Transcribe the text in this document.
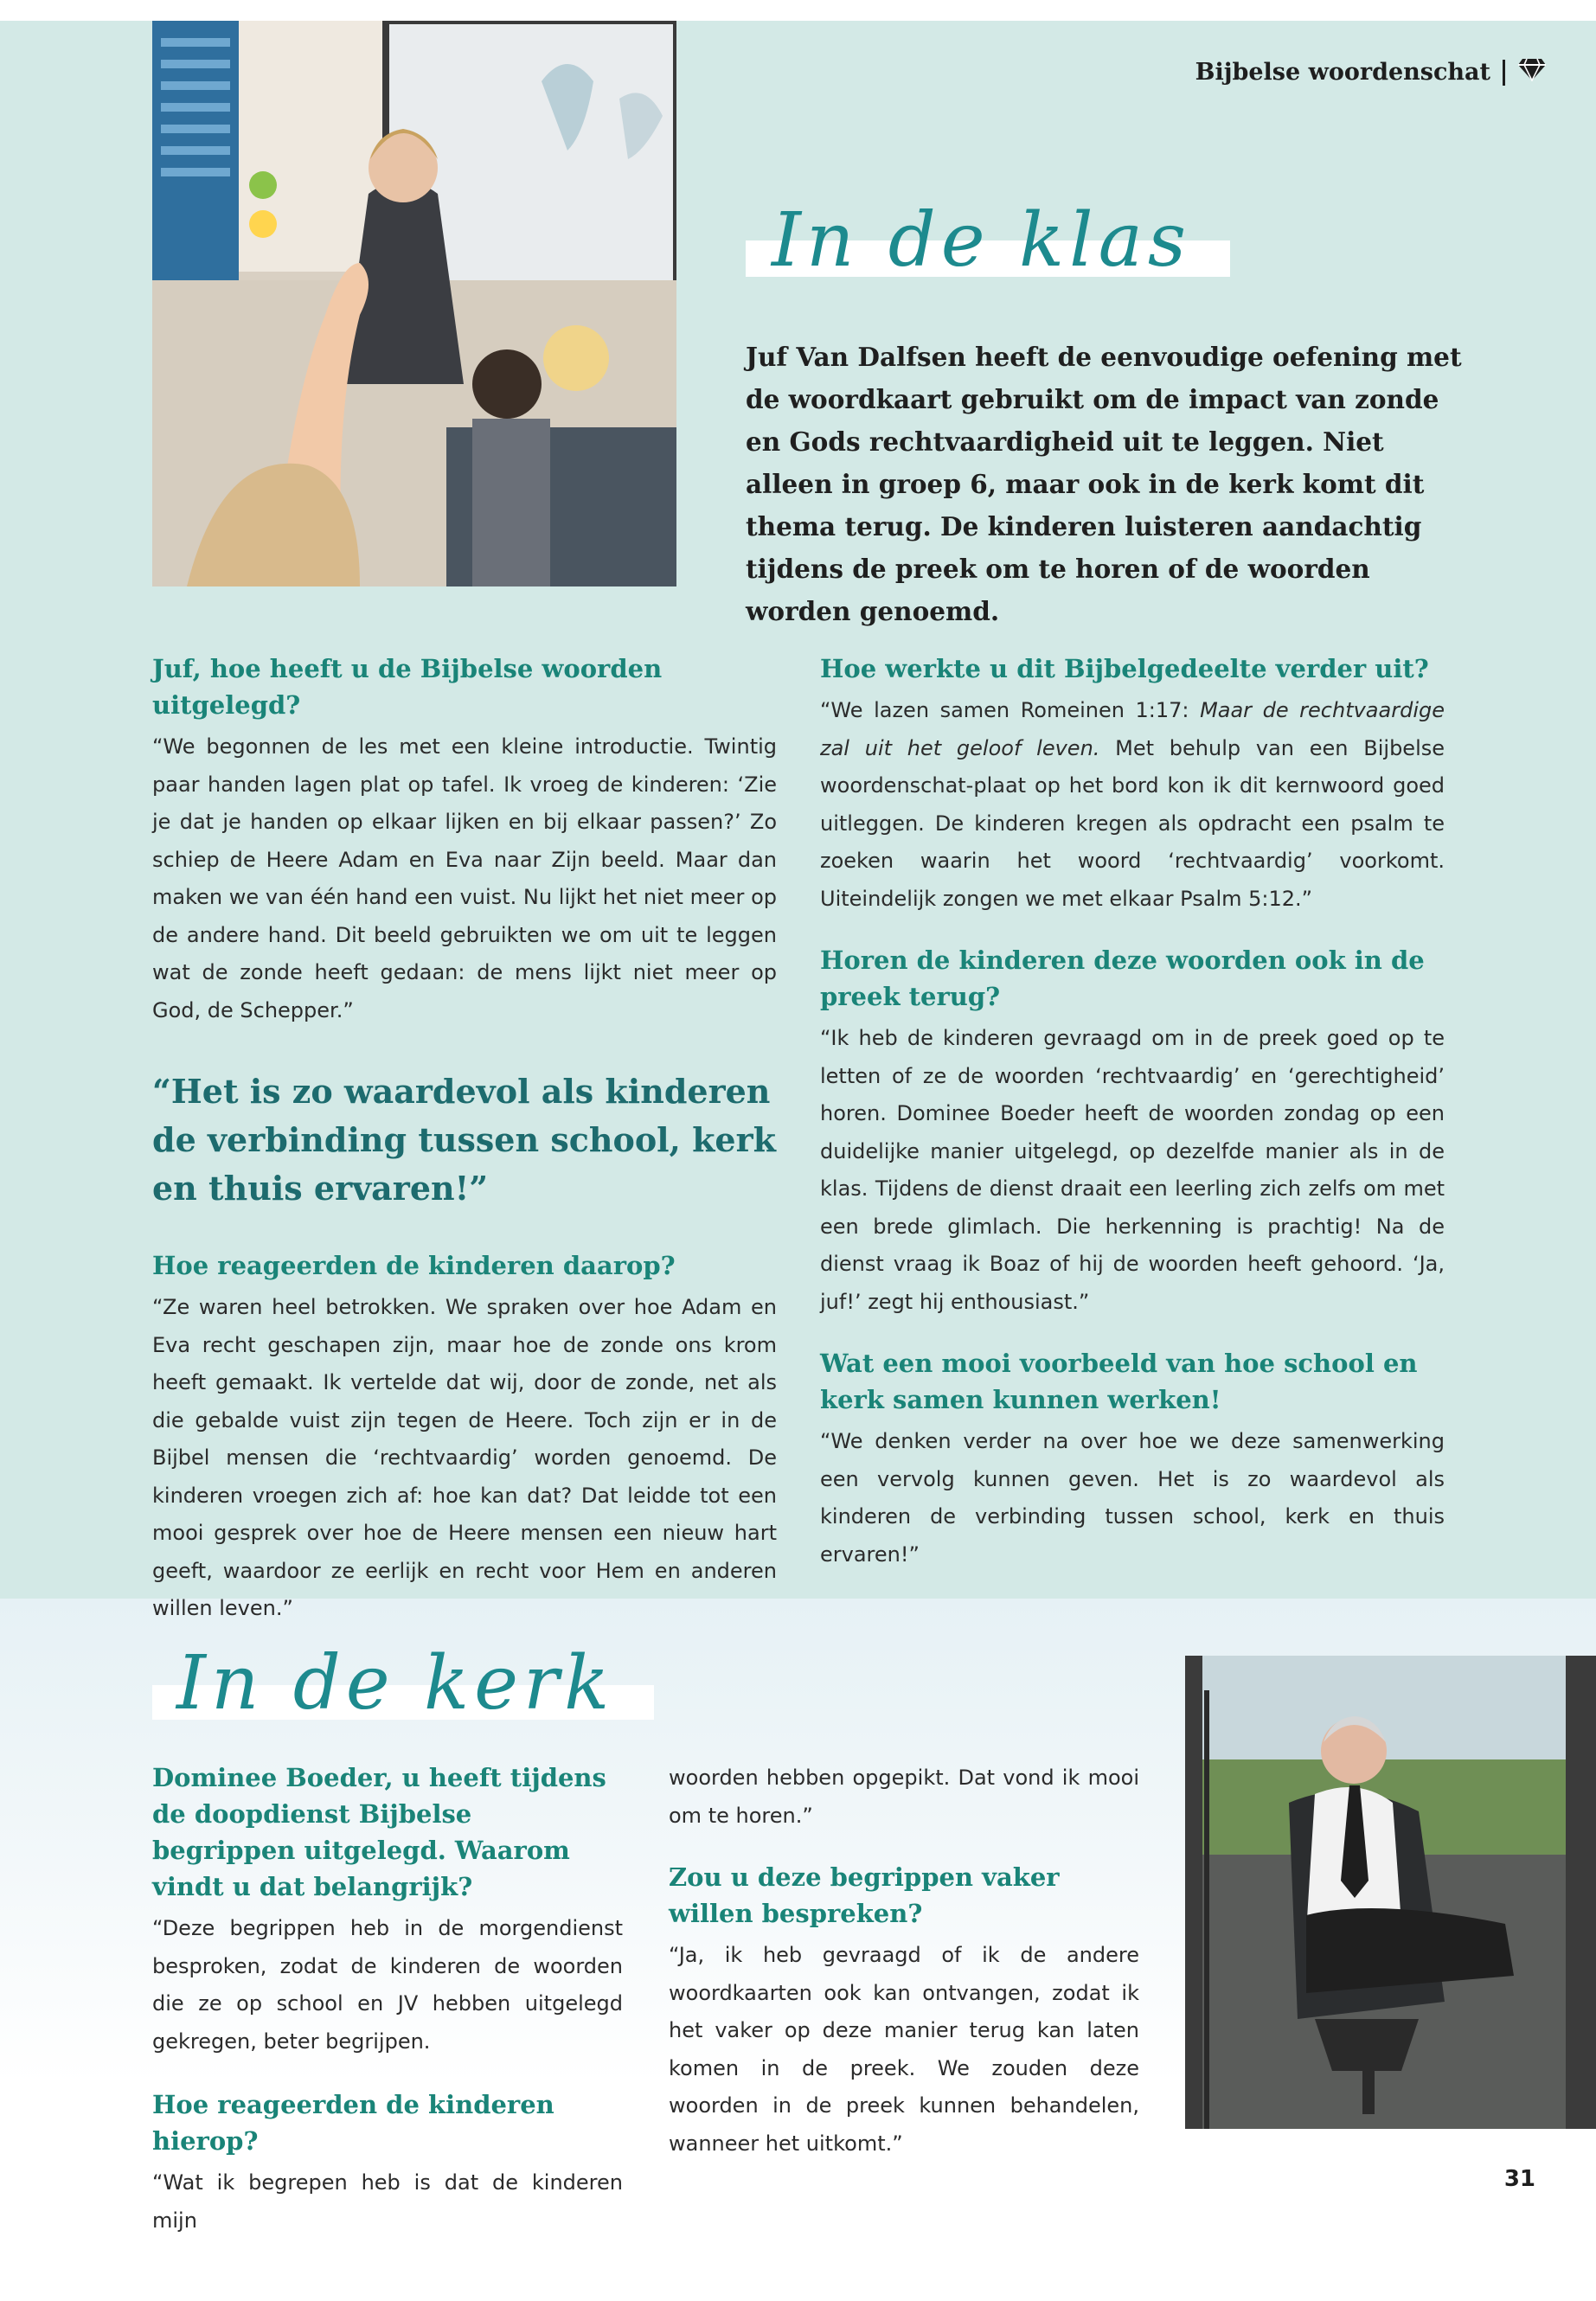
Bijbelse woordenschat
In de klas
Juf Van Dalfsen heeft de eenvoudige oefening met de woordkaart gebruikt om de impact van zonde en Gods rechtvaardigheid uit te leggen. Niet alleen in groep 6, maar ook in de kerk komt dit thema terug. De kinderen luisteren aandachtig tijdens de preek om te horen of de woorden worden genoemd.

Juf, hoe heeft u de Bijbelse woorden uitgelegd?

“We begonnen de les met een kleine introductie. Twintig paar handen lagen plat op tafel. Ik vroeg de kinderen: ‘Zie je dat je handen op elkaar lijken en bij elkaar passen?’ Zo schiep de Heere Adam en Eva naar Zijn beeld. Maar dan maken we van één hand een vuist. Nu lijkt het niet meer op de andere hand. Dit beeld gebruikten we om uit te leggen wat de zonde heeft gedaan: de mens lijkt niet meer op God, de Schepper.”

“Het is zo waardevol als kinderen de verbinding tussen school, kerk en thuis ervaren!”

Hoe reageerden de kinderen daarop?

“Ze waren heel betrokken. We spraken over hoe Adam en Eva recht geschapen zijn, maar hoe de zonde ons krom heeft gemaakt. Ik vertelde dat wij, door de zonde, net als die gebalde vuist zijn tegen de Heere. Toch zijn er in de Bijbel mensen die ‘rechtvaardig’ worden genoemd. De kinderen vroegen zich af: hoe kan dat? Dat leidde tot een mooi gesprek over hoe de Heere mensen een nieuw hart geeft, waardoor ze eerlijk en recht voor Hem en anderen willen leven.”

Hoe werkte u dit Bijbelgedeelte verder uit?

“We lazen samen Romeinen 1:17: Maar de rechtvaardige zal uit het geloof leven. Met behulp van een Bijbelse woordenschat-plaat op het bord kon ik dit kernwoord goed uitleggen. De kinderen kregen als opdracht een psalm te zoeken waarin het woord ‘rechtvaardig’ voorkomt. Uiteindelijk zongen we met elkaar Psalm 5:12.”

Horen de kinderen deze woorden ook in de preek terug?

“Ik heb de kinderen gevraagd om in de preek goed op te letten of ze de woorden ‘rechtvaardig’ en ‘gerechtigheid’ horen. Dominee Boeder heeft de woorden zondag op een duidelijke manier uitgelegd, op dezelfde manier als in de klas. Tijdens de dienst draait een leerling zich zelfs om met een brede glimlach. Die herkenning is prachtig! Na de dienst vraag ik Boaz of hij de woorden heeft gehoord. ‘Ja, juf!’ zegt hij enthousiast.”

Wat een mooi voorbeeld van hoe school en kerk samen kunnen werken!

“We denken verder na over hoe we deze samenwerking een vervolg kunnen geven. Het is zo waardevol als kinderen de verbinding tussen school, kerk en thuis ervaren!”

In de kerk

Dominee Boeder, u heeft tijdens de doopdienst Bijbelse begrippen uitgelegd. Waarom vindt u dat belangrijk?

“Deze begrippen heb in de morgendienst besproken, zodat de kinderen de woorden die ze op school en JV hebben uitgelegd gekregen, beter begrijpen.

Hoe reageerden de kinderen hierop?

“Wat ik begrepen heb is dat de kinderen mijn

woorden hebben opgepikt. Dat vond ik mooi om te horen.”

Zou u deze begrippen vaker willen bespreken?

“Ja, ik heb gevraagd of ik de andere woordkaarten ook kan ontvangen, zodat ik het vaker op deze manier terug kan laten komen in de preek. We zouden deze woorden in de preek kunnen behandelen, wanneer het uitkomt.”

31
